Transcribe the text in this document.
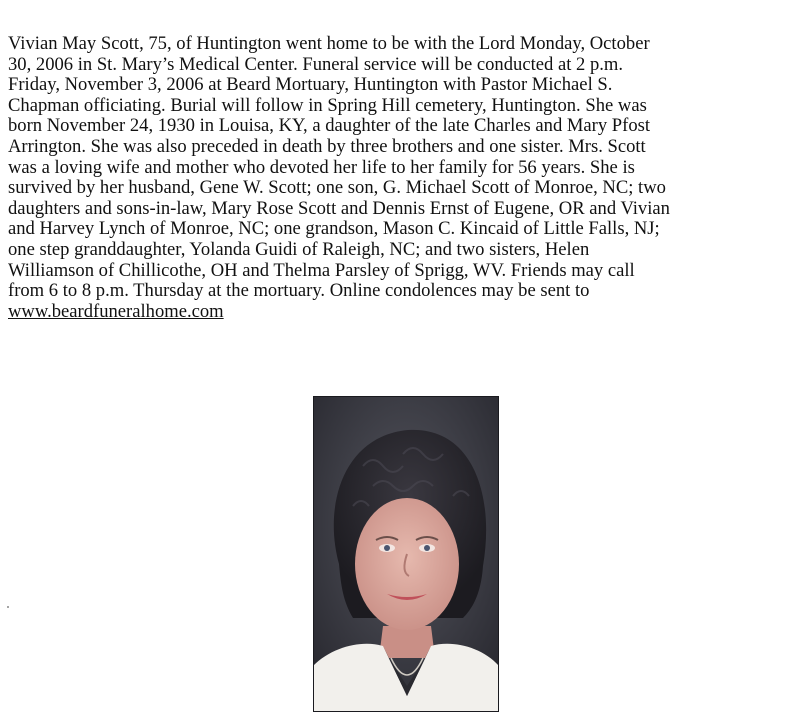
Vivian May Scott, 75, of Huntington went home to be with the Lord Monday, October
30, 2006 in St. Mary’s Medical Center. Funeral service will be conducted at 2 p.m.
Friday, November 3, 2006 at Beard Mortuary, Huntington with Pastor Michael S.
Chapman officiating. Burial will follow in Spring Hill cemetery, Huntington. She was
born November 24, 1930 in Louisa, KY, a daughter of the late Charles and Mary Pfost
Arrington. She was also preceded in death by three brothers and one sister. Mrs. Scott
was a loving wife and mother who devoted her life to her family for 56 years. She is
survived by her husband, Gene W. Scott; one son, G. Michael Scott of Monroe, NC; two
daughters and sons-in-law, Mary Rose Scott and Dennis Ernst of Eugene, OR and Vivian
and Harvey Lynch of Monroe, NC; one grandson, Mason C. Kincaid of Little Falls, NJ;
one step granddaughter, Yolanda Guidi of Raleigh, NC; and two sisters, Helen
Williamson of Chillicothe, OH and Thelma Parsley of Sprigg, WV. Friends may call
from 6 to 8 p.m. Thursday at the mortuary. Online condolences may be sent to
www.beardfuneralhome.com
